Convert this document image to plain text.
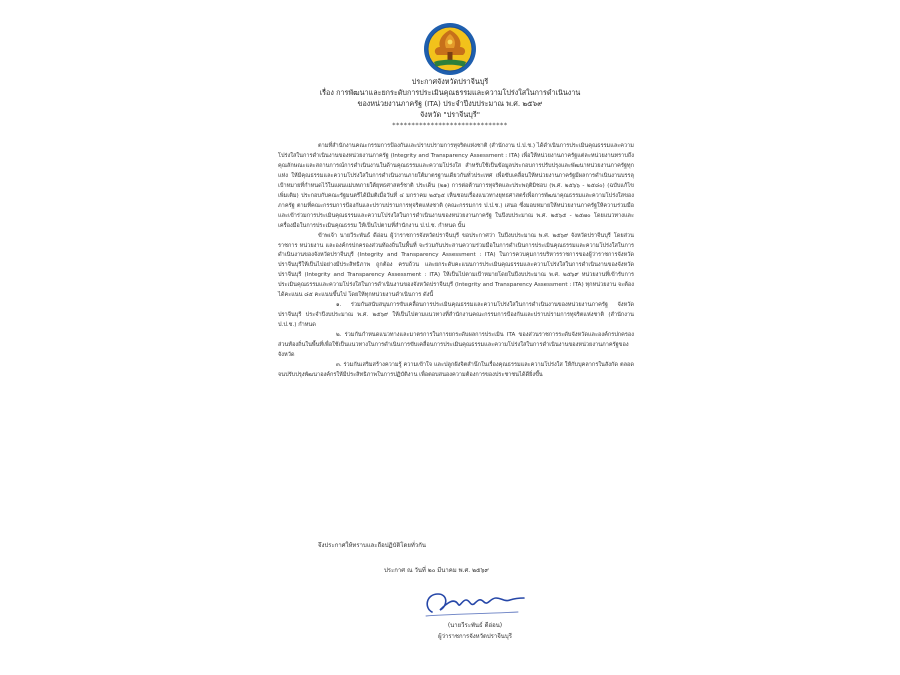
ประกาศจังหวัดปราจีนบุรี
เรื่อง การพัฒนาและยกระดับการประเมินคุณธรรมและความโปร่งใสในการดำเนินงาน
ของหน่วยงานภาครัฐ (ITA) ประจำปีงบประมาณ พ.ศ. ๒๕๖๙
จังหวัด "ปราจีนบุรี"
******************************

ตามที่สำนักงานคณะกรรมการป้องกันและปราบปรามการทุจริตแห่งชาติ (สำนักงาน ป.ป.ช.) ได้ดำเนินการประเมินคุณธรรมและความโปร่งใสในการดำเนินงานของหน่วยงานภาครัฐ (Integrity and Transparency Assessment : ITA) เพื่อให้หน่วยงานภาครัฐแต่ละหน่วยงานทราบถึงคุณลักษณะและสถานการณ์การดำเนินงานในด้านคุณธรรมและความโปร่งใส สำหรับใช้เป็นข้อมูลประกอบการปรับปรุงและพัฒนาหน่วยงานภาครัฐทุกแห่ง ให้มีคุณธรรมและความโปร่งใสในการดำเนินงานภายใต้มาตรฐานเดียวกันทั่วประเทศ เพื่อขับเคลื่อนให้หน่วยงานภาครัฐมีผลการดำเนินงานบรรลุเป้าหมายที่กำหนดไว้ในแผนแม่บทภายใต้ยุทธศาสตร์ชาติ ประเด็น (๒๑) การต่อต้านการทุจริตและประพฤติมิชอบ (พ.ศ. ๒๕๖๖ - ๒๕๘๐) (ฉบับแก้ไขเพิ่มเติม) ประกอบกับคณะรัฐมนตรีได้มีมติเมื่อวันที่ ๔ มกราคม ๒๕๖๕ เห็นชอบเรื่องแนวทางยุทธศาสตร์เพื่อการพัฒนาคุณธรรมและความโปร่งใสของภาครัฐ ตามที่คณะกรรมการป้องกันและปราบปรามการทุจริตแห่งชาติ (คณะกรรมการ ป.ป.ช.) เสนอ ซึ่งมอบหมายให้หน่วยงานภาครัฐให้ความร่วมมือและเข้าร่วมการประเมินคุณธรรมและความโปร่งใสในการดำเนินงานของหน่วยงานภาครัฐ ในปีงบประมาณ พ.ศ. ๒๕๖๕ - ๒๕๗๐ โดยแนวทางและเครื่องมือในการประเมินคุณธรรม ให้เป็นไปตามที่สำนักงาน ป.ป.ช. กำหนด นั้น

ข้าพเจ้า นายวีระพันธ์ ดีอ่อน ผู้ว่าราชการจังหวัดปราจีนบุรี ขอประกาศว่า ในปีงบประมาณ พ.ศ. ๒๕๖๙ จังหวัดปราจีนบุรี โดยส่วนราชการ หน่วยงาน และองค์กรปกครองส่วนท้องถิ่นในพื้นที่ จะร่วมกันประสานความร่วมมือในการดำเนินการประเมินคุณธรรมและความโปร่งใสในการดำเนินงานของจังหวัดปราจีนบุรี (Integrity and Transparency Assessment : ITA) ในการควบคุมการบริหารราชการของผู้ว่าราชการจังหวัดปราจีนบุรีให้เป็นไปอย่างมีประสิทธิภาพ ถูกต้อง ครบถ้วน และยกระดับคะแนนการประเมินคุณธรรมและความโปร่งใสในการดำเนินงานของจังหวัดปราจีนบุรี (Integrity and Transparency Assessment : ITA) ให้เป็นไปตามเป้าหมายโดยในปีงบประมาณ พ.ศ. ๒๕๖๙ หน่วยงานที่เข้ารับการประเมินคุณธรรมและความโปร่งใสในการดำเนินงานของจังหวัดปราจีนบุรี (Integrity and Transparency Assessment : ITA) ทุกหน่วยงาน จะต้องได้คะแนน ๘๕ คะแนนขึ้นไป โดยให้ทุกหน่วยงานดำเนินการ ดังนี้

๑. ร่วมกันสนับสนุนการขับเคลื่อนการประเมินคุณธรรมและความโปร่งใสในการดำเนินงานของหน่วยงานภาครัฐ จังหวัดปราจีนบุรี ประจำปีงบประมาณ พ.ศ. ๒๕๖๙ ให้เป็นไปตามแนวทางที่สำนักงานคณะกรรมการป้องกันและปราบปรามการทุจริตแห่งชาติ (สำนักงาน ป.ป.ช.) กำหนด

๒. ร่วมกันกำหนดแนวทางและมาตรการในการยกระดับผลการประเมิน ITA ของส่วนราชการระดับจังหวัดและองค์กรปกครองส่วนท้องถิ่นในพื้นที่เพื่อใช้เป็นแนวทางในการดำเนินการขับเคลื่อนการประเมินคุณธรรมและความโปร่งใสในการดำเนินงานของหน่วยงานภาครัฐของจังหวัด

๓. ร่วมกันเสริมสร้างความรู้ ความเข้าใจ และปลูกฝังจิตสำนึกในเรื่องคุณธรรมและความโปร่งใส ให้กับบุคลากรในสังกัด ตลอดจนปรับปรุงพัฒนาองค์กรให้มีประสิทธิภาพในการปฏิบัติงาน เพื่อตอบสนองความต้องการของประชาชนได้ดียิ่งขึ้น

จึงประกาศให้ทราบและถือปฏิบัติโดยทั่วกัน
ประกาศ ณ วันที่ ๒๐ มีนาคม พ.ศ. ๒๕๖๙
(นายวีระพันธ์ ดีอ่อน)
ผู้ว่าราชการจังหวัดปราจีนบุรี
